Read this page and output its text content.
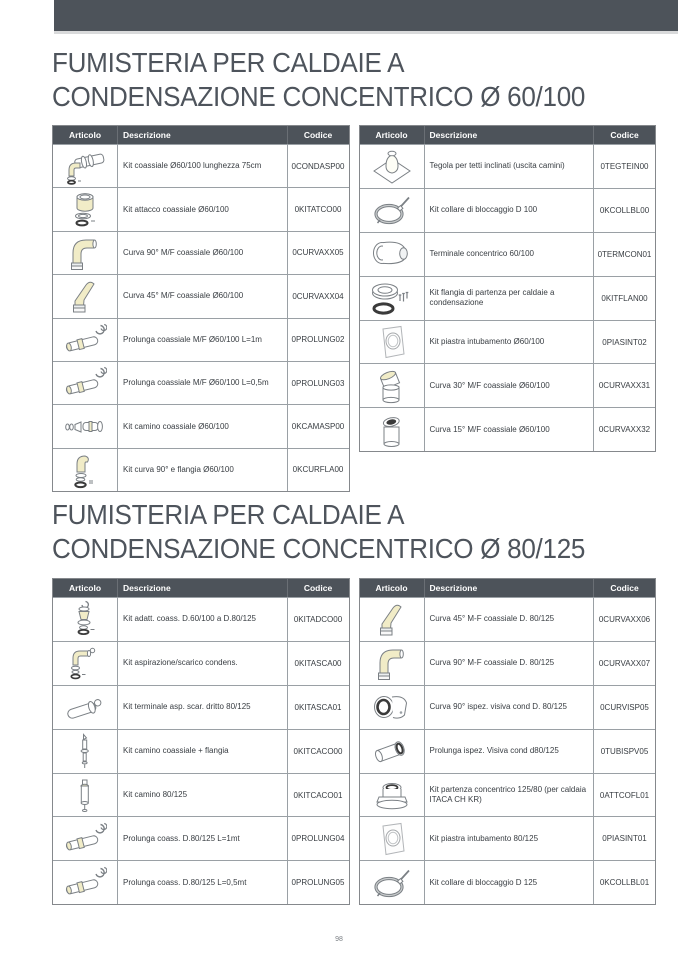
FUMISTERIA PER CALDAIE A
CONDENSAZIONE CONCENTRICO Ø 60/100
Articolo	Descrizione	Codice
Kit coassiale Ø60/100 lunghezza 75cm	0CONDASP00
Kit attacco coassiale Ø60/100	0KITATCO00
Curva 90° M/F coassiale Ø60/100	0CURVAXX05
Curva 45° M/F coassiale Ø60/100	0CURVAXX04
Prolunga coassiale M/F Ø60/100 L=1m	0PROLUNG02
Prolunga coassiale M/F Ø60/100 L=0,5m	0PROLUNG03
Kit camino coassiale Ø60/100	0KCAMASP00
Kit curva 90° e flangia Ø60/100	0KCURFLA00
Articolo	Descrizione	Codice
Tegola per tetti inclinati (uscita camini)	0TEGTEIN00
Kit collare di bloccaggio D 100	0KCOLLBL00
Terminale concentrico 60/100	0TERMCON01
Kit flangia di partenza per caldaie a condensazione	0KITFLAN00
Kit piastra intubamento Ø60/100	0PIASINT02
Curva 30° M/F coassiale Ø60/100	0CURVAXX31
Curva 15° M/F coassiale Ø60/100	0CURVAXX32
FUMISTERIA PER CALDAIE A
CONDENSAZIONE CONCENTRICO Ø 80/125
Articolo	Descrizione	Codice
Kit adatt. coass. D.60/100 a D.80/125	0KITADCO00
Kit aspirazione/scarico condens.	0KITASCA00
Kit terminale asp. scar. dritto 80/125	0KITASCA01
Kit camino coassiale + flangia	0KITCACO00
Kit camino 80/125	0KITCACO01
Prolunga coass. D.80/125 L=1mt	0PROLUNG04
Prolunga coass. D.80/125 L=0,5mt	0PROLUNG05
Articolo	Descrizione	Codice
Curva 45° M-F coassiale D. 80/125	0CURVAXX06
Curva 90° M-F coassiale D. 80/125	0CURVAXX07
Curva 90° ispez. visiva cond D. 80/125	0CURVISP05
Prolunga ispez. Visiva cond d80/125	0TUBISPV05
Kit partenza concentrico 125/80 (per caldaia ITACA CH KR)	0ATTCOFL01
Kit piastra intubamento 80/125	0PIASINT01
Kit collare di bloccaggio D 125	0KCOLLBL01
98
